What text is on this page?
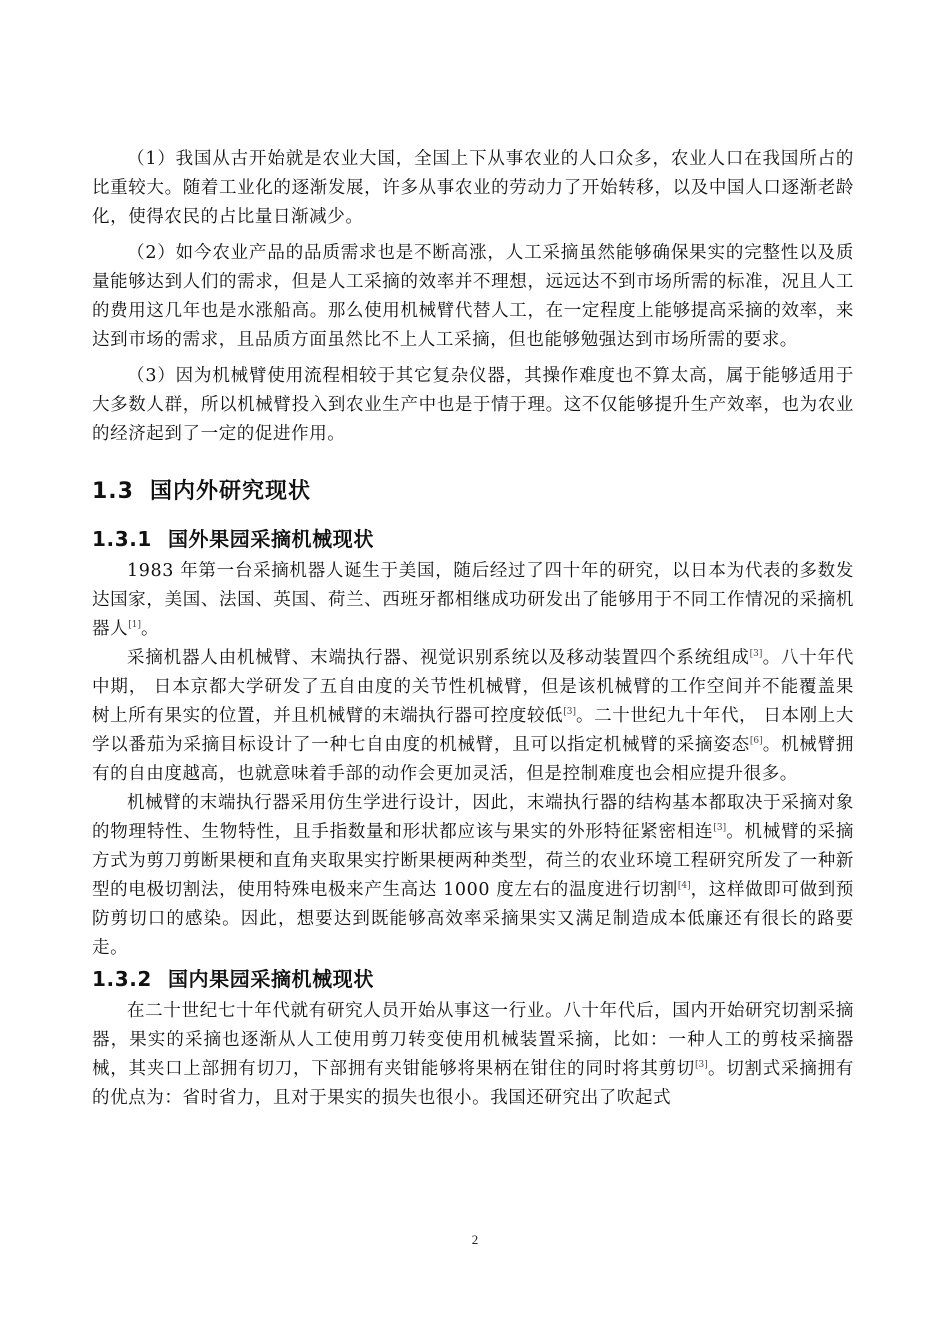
（1）我国从古开始就是农业大国，全国上下从事农业的人口众多，农业人口在我国所占的比重较大。随着工业化的逐渐发展，许多从事农业的劳动力了开始转移，以及中国人口逐渐老龄化，使得农民的占比量日渐减少。

（2）如今农业产品的品质需求也是不断高涨，人工采摘虽然能够确保果实的完整性以及质量能够达到人们的需求，但是人工采摘的效率并不理想，远远达不到市场所需的标准，况且人工的费用这几年也是水涨船高。那么使用机械臂代替人工，在一定程度上能够提高采摘的效率，来达到市场的需求，且品质方面虽然比不上人工采摘，但也能够勉强达到市场所需的要求。

（3）因为机械臂使用流程相较于其它复杂仪器，其操作难度也不算太高，属于能够适用于大多数人群，所以机械臂投入到农业生产中也是于情于理。这不仅能够提升生产效率，也为农业的经济起到了一定的促进作用。

1.3 国内外研究现状
1.3.1 国外果园采摘机械现状

1983 年第一台采摘机器人诞生于美国，随后经过了四十年的研究，以日本为代表的多数发达国家，美国、法国、英国、荷兰、西班牙都相继成功研发出了能够用于不同工作情况的采摘机器人[1]。

采摘机器人由机械臂、末端执行器、视觉识别系统以及移动装置四个系统组成[3]。八十年代中期， 日本京都大学研发了五自由度的关节性机械臂，但是该机械臂的工作空间并不能覆盖果树上所有果实的位置，并且机械臂的末端执行器可控度较低[3]。二十世纪九十年代， 日本刚上大学以番茄为采摘目标设计了一种七自由度的机械臂，且可以指定机械臂的采摘姿态[6]。机械臂拥有的自由度越高，也就意味着手部的动作会更加灵活，但是控制难度也会相应提升很多。

机械臂的末端执行器采用仿生学进行设计，因此，末端执行器的结构基本都取决于采摘对象的物理特性、生物特性，且手指数量和形状都应该与果实的外形特征紧密相连[3]。机械臂的采摘方式为剪刀剪断果梗和直角夹取果实拧断果梗两种类型，荷兰的农业环境工程研究所发了一种新型的电极切割法，使用特殊电极来产生高达 1000 度左右的温度进行切割[4]，这样做即可做到预防剪切口的感染。因此，想要达到既能够高效率采摘果实又满足制造成本低廉还有很长的路要走。

1.3.2 国内果园采摘机械现状

在二十世纪七十年代就有研究人员开始从事这一行业。八十年代后，国内开始研究切割采摘器，果实的采摘也逐渐从人工使用剪刀转变使用机械装置采摘，比如：一种人工的剪枝采摘器械，其夹口上部拥有切刀，下部拥有夹钳能够将果柄在钳住的同时将其剪切[3]。切割式采摘拥有的优点为：省时省力，且对于果实的损失也很小。我国还研究出了吹起式

2
